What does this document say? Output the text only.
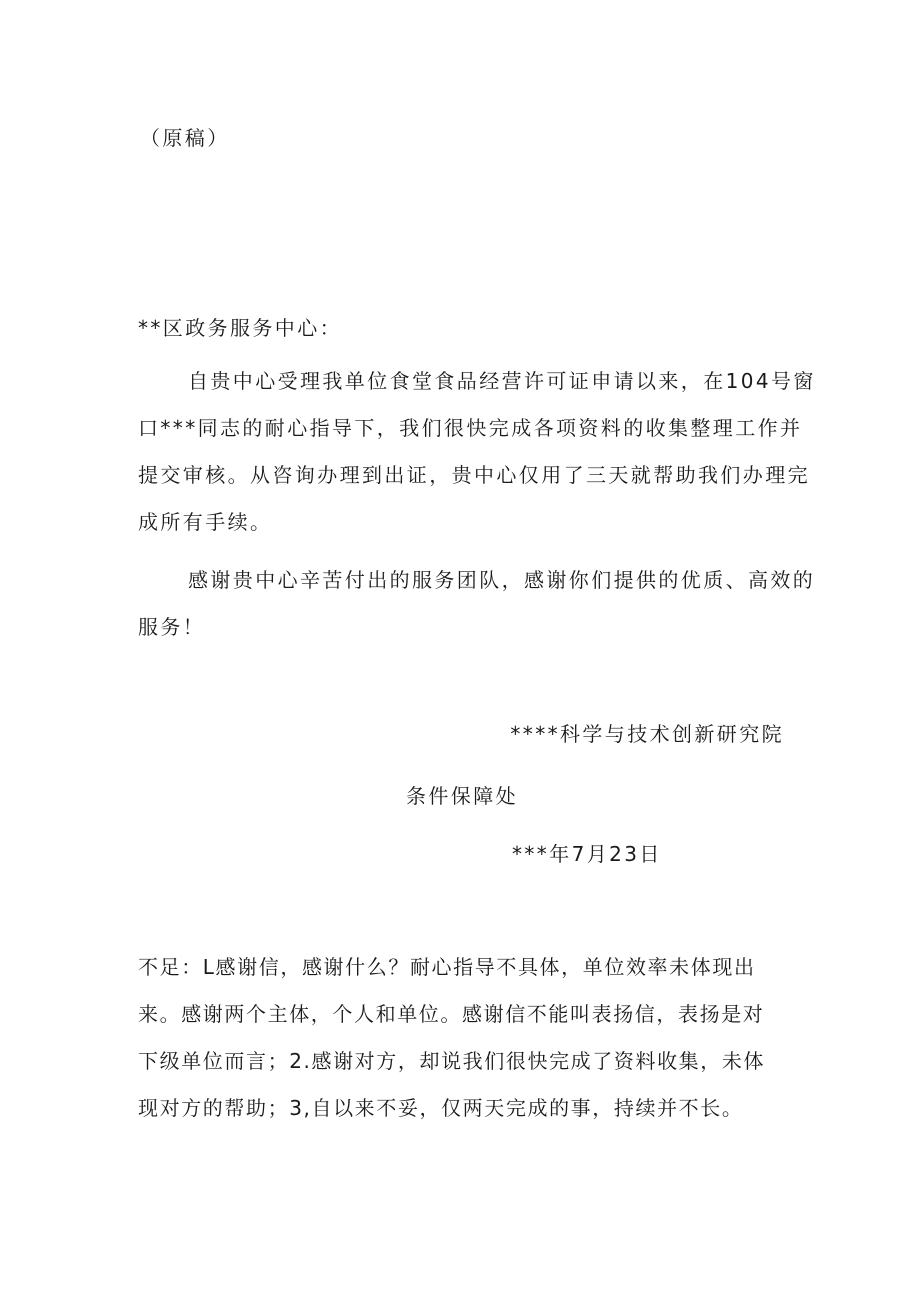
（原稿）
**区政务服务中心：
自贵中心受理我单位食堂食品经营许可证申请以来，在104号窗
口***同志的耐心指导下，我们很快完成各项资料的收集整理工作并
提交审核。从咨询办理到出证，贵中心仅用了三天就帮助我们办理完
成所有手续。
感谢贵中心辛苦付出的服务团队，感谢你们提供的优质、高效的
服务！
****科学与技术创新研究院
条件保障处
***年7月23日
不足：L感谢信，感谢什么？耐心指导不具体，单位效率未体现出
来。感谢两个主体，个人和单位。感谢信不能叫表扬信，表扬是对
下级单位而言；2.感谢对方，却说我们很快完成了资料收集，未体
现对方的帮助；3,自以来不妥，仅两天完成的事，持续并不长。
